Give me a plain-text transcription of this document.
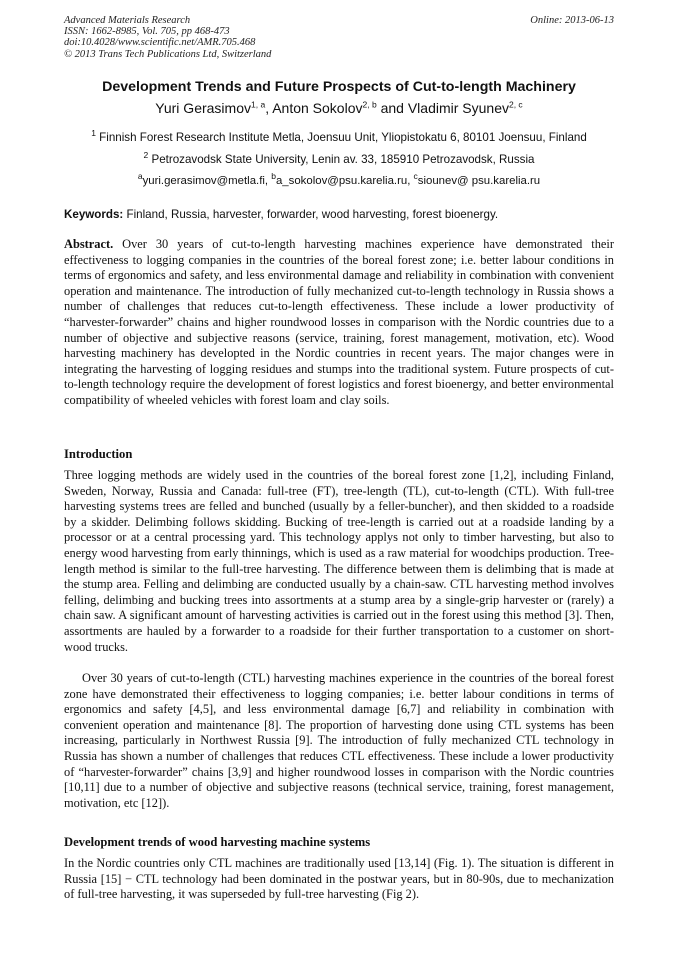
Advanced Materials Research
ISSN: 1662-8985, Vol. 705, pp 468-473
doi:10.4028/www.scientific.net/AMR.705.468
© 2013 Trans Tech Publications Ltd, Switzerland
Online: 2013-06-13
Development Trends and Future Prospects of Cut-to-length Machinery
Yuri Gerasimov$^{1, a}$, Anton Sokolov$^{2, b}$ and Vladimir Syunev$^{2, c}$
$^1$ Finnish Forest Research Institute Metla, Joensuu Unit, Yliopistokatu 6, 80101 Joensuu, Finland
$^2$ Petrozavodsk State University, Lenin av. 33, 185910 Petrozavodsk, Russia
$^a$yuri.gerasimov@metla.fi, $^b$a_sokolov@psu.karelia.ru, $^c$siounev@ psu.karelia.ru
Keywords: Finland, Russia, harvester, forwarder, wood harvesting, forest bioenergy.
Abstract. Over 30 years of cut-to-length harvesting machines experience have demonstrated their effectiveness to logging companies in the countries of the boreal forest zone; i.e. better labour conditions in terms of ergonomics and safety, and less environmental damage and reliability in combination with convenient operation and maintenance. The introduction of fully mechanized cut-to-length technology in Russia shows a number of challenges that reduces cut-to-length effectiveness. These include a lower productivity of “harvester-forwarder” chains and higher roundwood losses in comparison with the Nordic countries due to a number of objective and subjective reasons (service, training, forest management, motivation, etc). Wood harvesting machinery has developted in the Nordic countries in recent years. The major changes were in integrating the harvesting of logging residues and stumps into the traditional system. Future prospects of cut-to-length technology require the development of forest logistics and forest bioenergy, and better environmental compatibility of wheeled vehicles with forest loam and clay soils.
Introduction
Three logging methods are widely used in the countries of the boreal forest zone [1,2], including Finland, Sweden, Norway, Russia and Canada: full-tree (FT), tree-length (TL), cut-to-length (CTL). With full-tree harvesting systems trees are felled and bunched (usually by a feller-buncher), and then skidded to a roadside by a skidder. Delimbing follows skidding. Bucking of tree-length is carried out at a roadside landing by a processor or at a central processing yard. This technology applys not only to timber harvesting, but also to energy wood harvesting from early thinnings, which is used as a raw material for woodchips production. Tree-length method is similar to the full-tree harvesting. The difference between them is delimbing that is made at the stump area. Felling and delimbing are conducted usually by a chain-saw. CTL harvesting method involves felling, delimbing and bucking trees into assortments at a stump area by a single-grip harvester or (rarely) a chain saw. A significant amount of harvesting activities is carried out in the forest using this method [3]. Then, assortments are hauled by a forwarder to a roadside for their further transportation to a customer on short-wood trucks.
Over 30 years of cut-to-length (CTL) harvesting machines experience in the countries of the boreal forest zone have demonstrated their effectiveness to logging companies; i.e. better labour conditions in terms of ergonomics and safety [4,5], and less environmental damage [6,7] and reliability in combination with convenient operation and maintenance [8]. The proportion of harvesting done using CTL systems has been increasing, particularly in Northwest Russia [9]. The introduction of fully mechanized CTL technology in Russia has shown a number of challenges that reduces CTL effectiveness. These include a lower productivity of “harvester-forwarder” chains [3,9] and higher roundwood losses in comparison with the Nordic countries [10,11] due to a number of objective and subjective reasons (technical service, training, forest management, motivation, etc [12]).
Development trends of wood harvesting machine systems
In the Nordic countries only CTL machines are traditionally used [13,14] (Fig. 1). The situation is different in Russia [15] − CTL technology had been dominated in the postwar years, but in 80-90s, due to mechanization of full-tree harvesting, it was superseded by full-tree harvesting (Fig 2).
